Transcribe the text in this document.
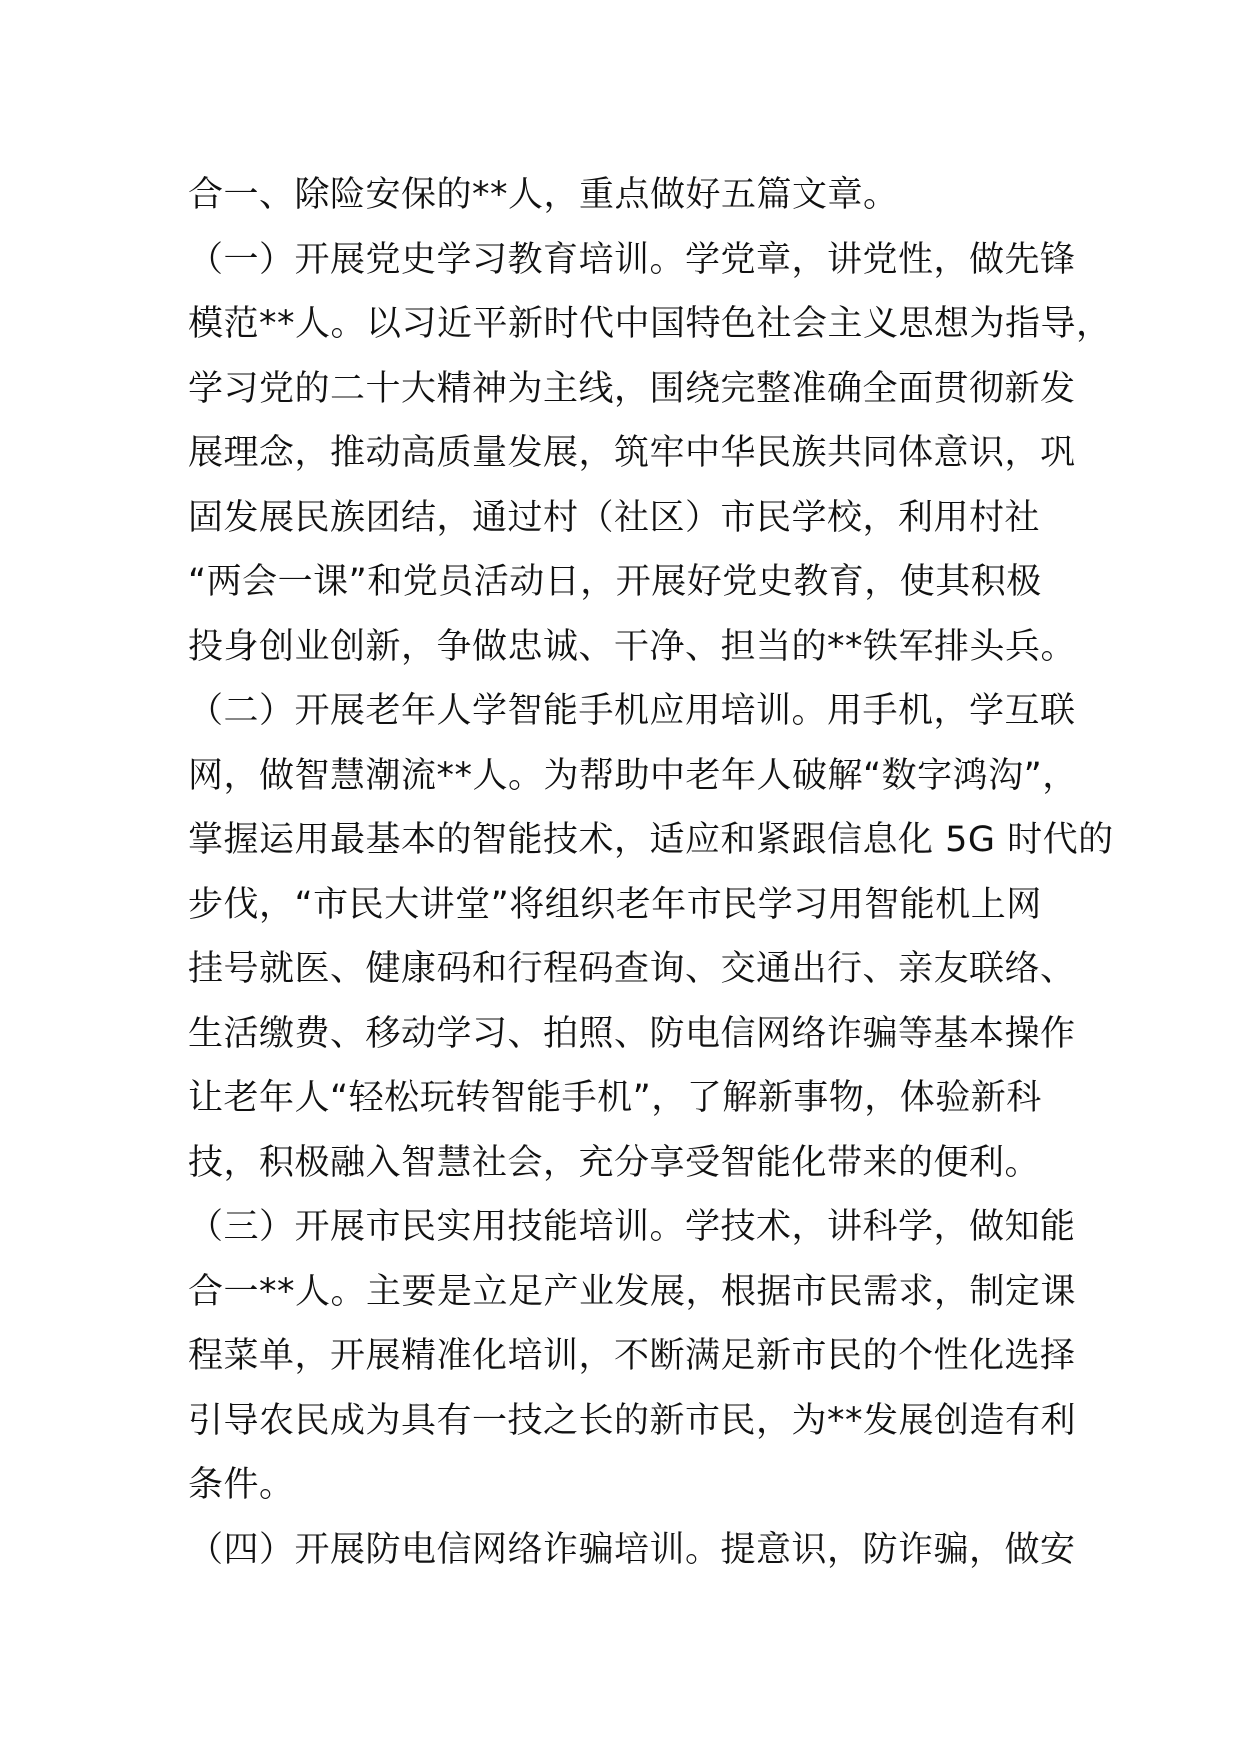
合一、除险安保的**人，重点做好五篇文章。
（一）开展党史学习教育培训。学党章，讲党性，做先锋
模范**人。以习近平新时代中国特色社会主义思想为指导，
学习党的二十大精神为主线，围绕完整准确全面贯彻新发
展理念，推动高质量发展，筑牢中华民族共同体意识，巩
固发展民族团结，通过村（社区）市民学校，利用村社
“两会一课”和党员活动日，开展好党史教育，使其积极
投身创业创新，争做忠诚、干净、担当的**铁军排头兵。
（二）开展老年人学智能手机应用培训。用手机，学互联
网，做智慧潮流**人。为帮助中老年人破解“数字鸿沟”，
掌握运用最基本的智能技术，适应和紧跟信息化 5G 时代的
步伐，“市民大讲堂”将组织老年市民学习用智能机上网
挂号就医、健康码和行程码查询、交通出行、亲友联络、
生活缴费、移动学习、拍照、防电信网络诈骗等基本操作
让老年人“轻松玩转智能手机”，了解新事物，体验新科
技，积极融入智慧社会，充分享受智能化带来的便利。
（三）开展市民实用技能培训。学技术，讲科学，做知能
合一**人。主要是立足产业发展，根据市民需求，制定课
程菜单，开展精准化培训，不断满足新市民的个性化选择
引导农民成为具有一技之长的新市民，为**发展创造有利
条件。
（四）开展防电信网络诈骗培训。提意识，防诈骗，做安
